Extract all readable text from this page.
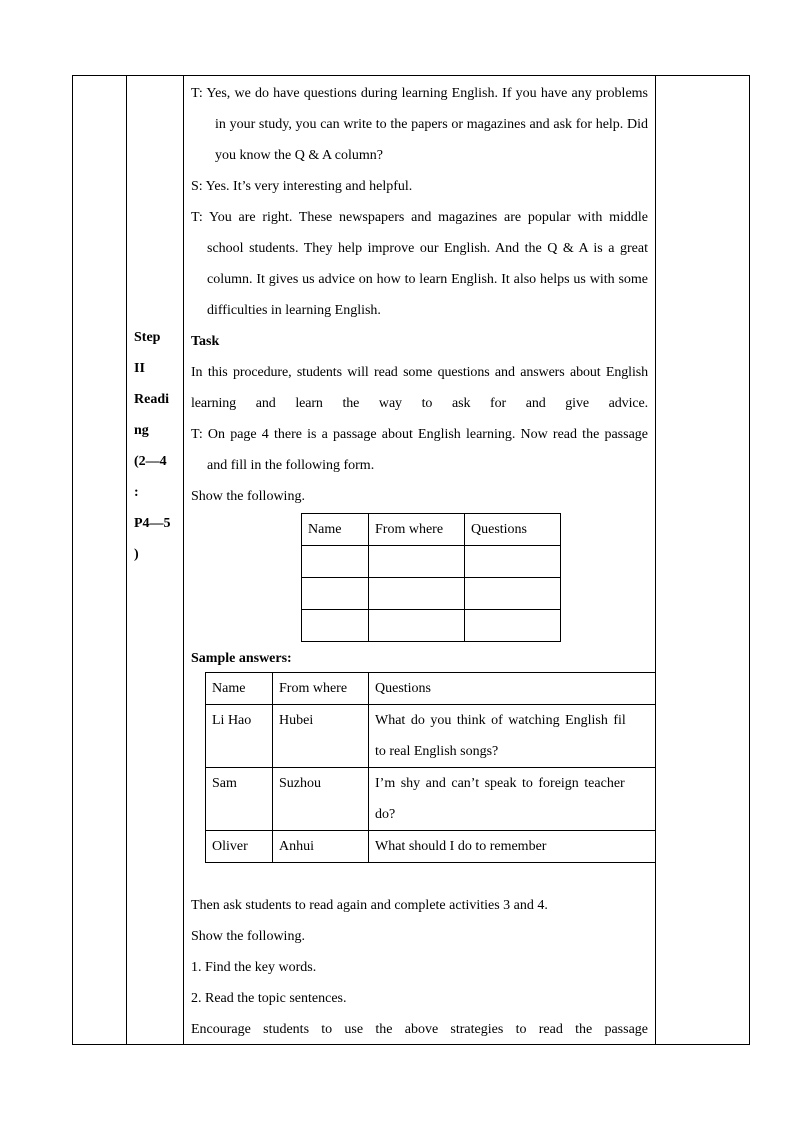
Step
II
Readi
ng
(2—4
:
P4—5
)

T: Yes, we do have questions during learning English. If you have any problems in your study, you can write to the papers or magazines and ask for help. Did you know the Q & A column?

S: Yes. It’s very interesting and helpful.

T: You are right. These newspapers and magazines are popular with middle school students. They help improve our English. And the Q & A is a great column. It gives us advice on how to learn English. It also helps us with some difficulties in learning English.

Task

In this procedure, students will read some questions and answers about English learning and learn the way to ask for and give advice.

T: On page 4 there is a passage about English learning. Now read the passage and fill in the following form.

Show the following.

Name	From where	Questions

Sample answers:
Name	From where	Questions
Li Hao	Hubei	What do you think of watching English fil
to real English songs?

Sam	Suzhou	I’m shy and can’t speak to foreign teacher
do?

Oliver	Anhui	What should I do to remember

Then ask students to read again and complete activities 3 and 4.

Show the following.

1. Find the key words.

2. Read the topic sentences.

Encourage students to use the above strategies to read the passage
